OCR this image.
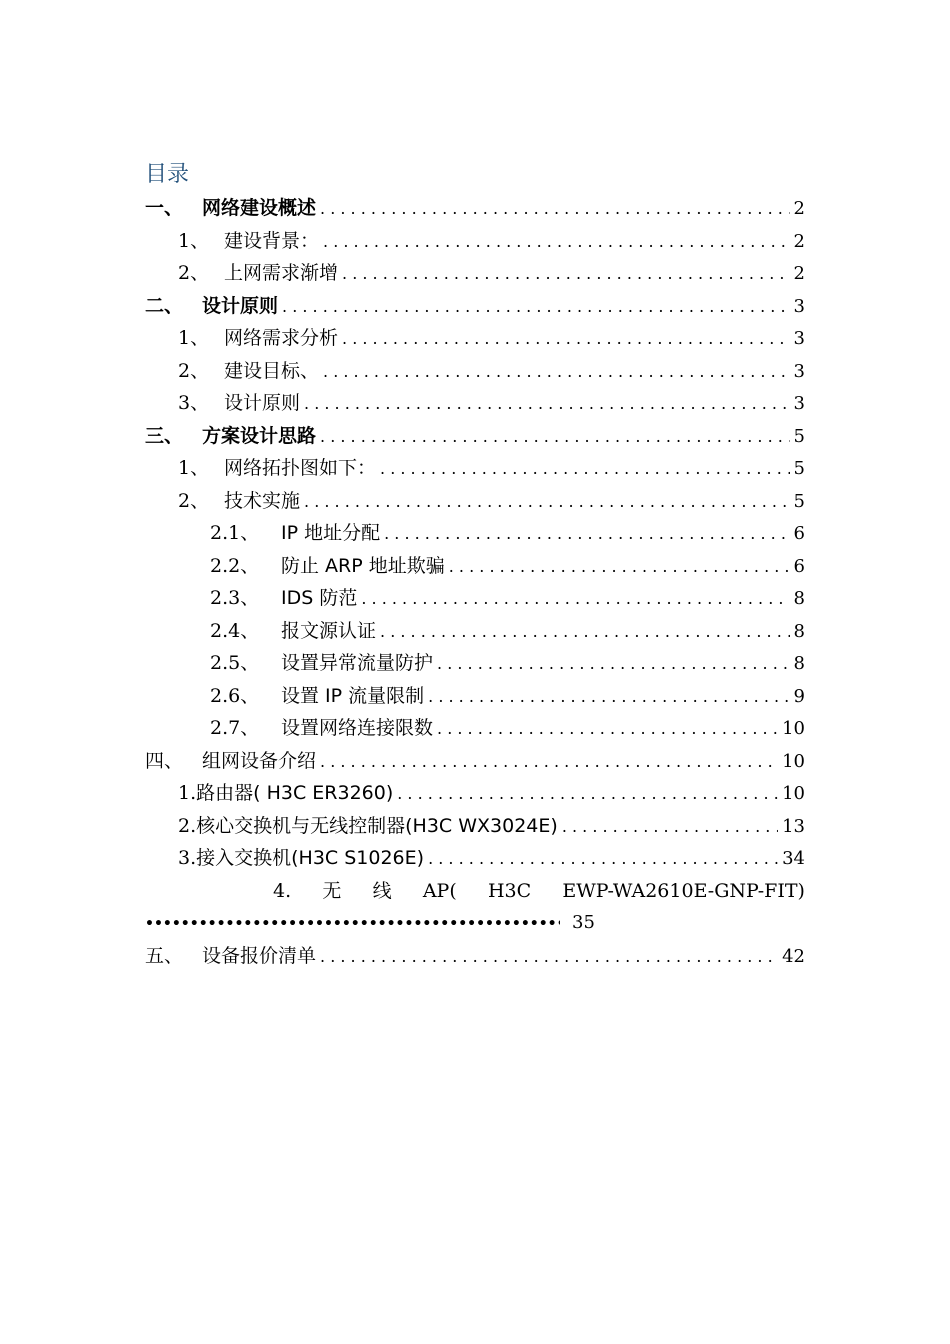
目录
一、 网络建设概述 . . .	2
1、 建设背景： . . .	2
2、 上网需求渐增 . . .	2
二、 设计原则 . . .	3
1、 网络需求分析 . . .	3
2、 建设目标、 . . .	3
3、 设计原则 . . .	3
三、 方案设计思路 . . .	5
1、 网络拓扑图如下： . . .	5
2、 技术实施 . . .	5
2.1、	IP 地址分配 . . .	6
2.2、	防止 ARP 地址欺骗 . . .	6
2.3、	IDS 防范 . . .	8
2.4、	报文源认证 . . .	8
2.5、	设置异常流量防护 . . .	8
2.6、	设置 IP 流量限制 . . .	9
2.7、	设置网络连接限数 . . .	10
四、 组网设备介绍 . . .	10
1. 路由器( H3C ER3260) . . .	10
2. 核心交换机与无线控制器(H3C WX3024E) . . .	13
3. 接入交换机(H3C S1026E) . . .	34
4. 无 线 AP( H3C EWP-WA2610E-GNP-FIT)
•••••
35
五、 设备报价清单 . . .	42
